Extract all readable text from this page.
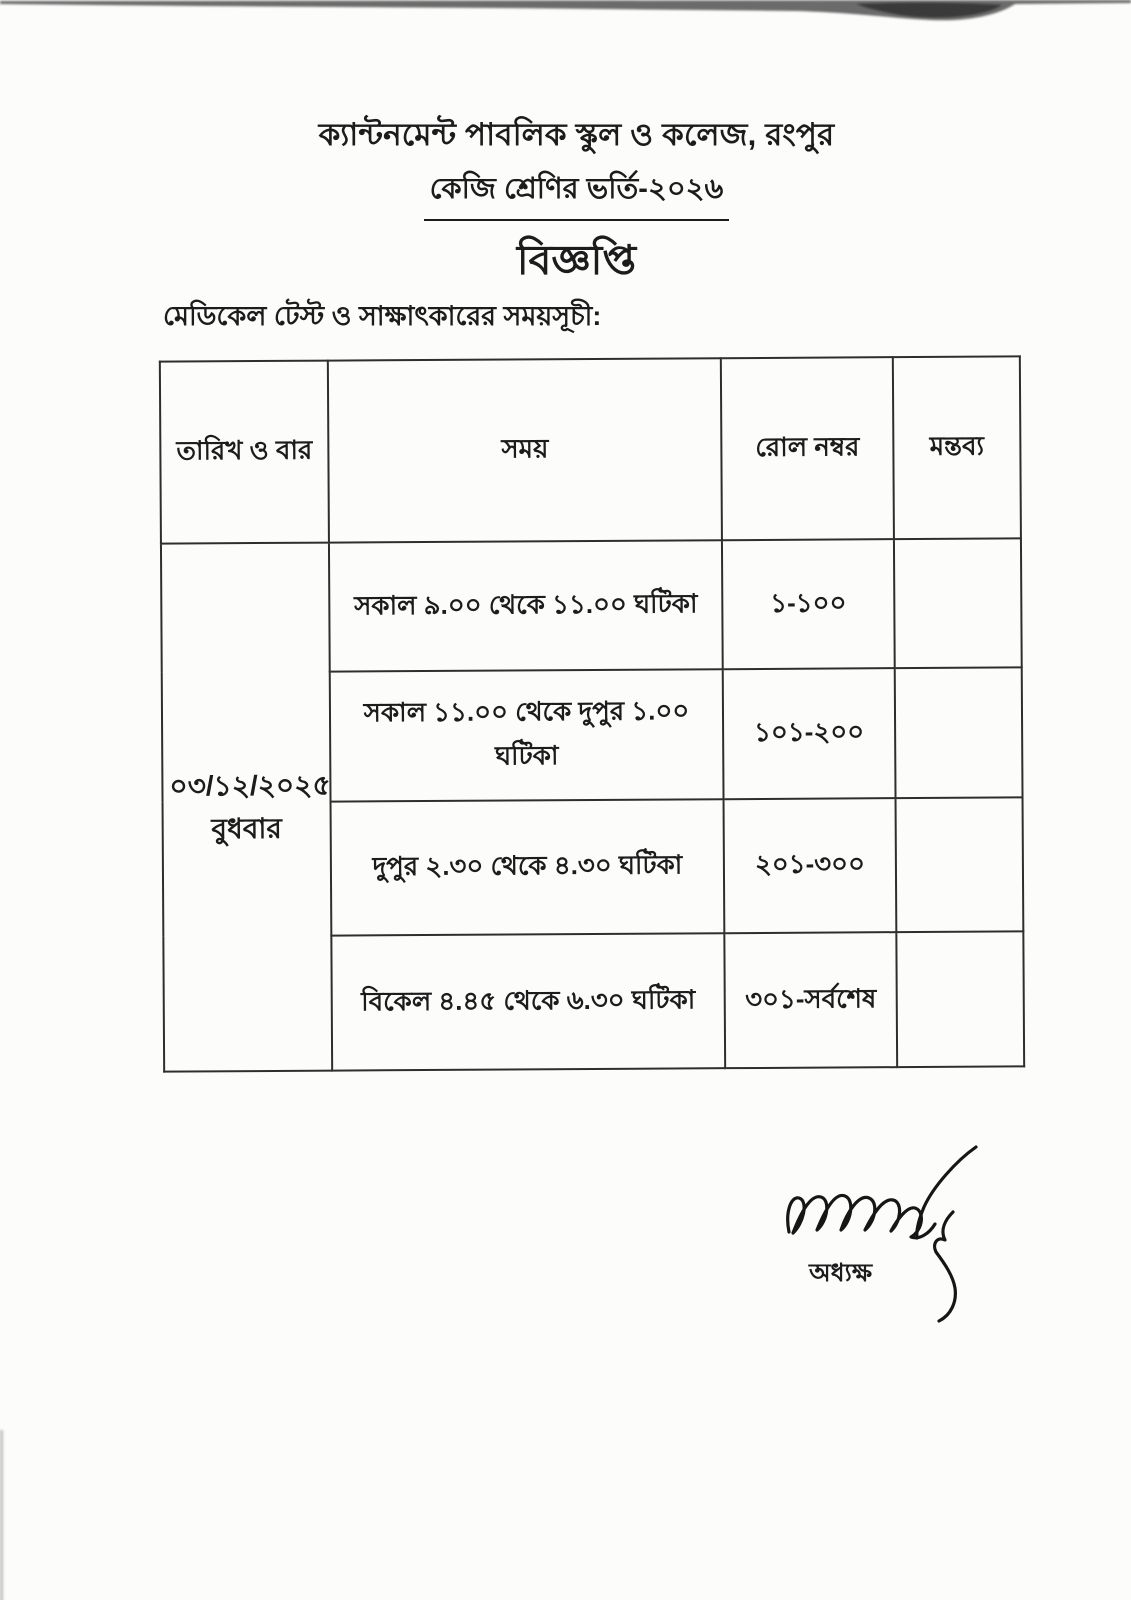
ক্যান্টনমেন্ট পাবলিক স্কুল ও কলেজ, রংপুর
কেজি শ্রেণির ভর্তি-২০২৬
বিজ্ঞপ্তি
মেডিকেল টেস্ট ও সাক্ষাৎকারের সময়সূচী:
তারিখ ও বার	সময়	রোল নম্বর	মন্তব্য

০৩/১২/২০২৫
বুধবার	সকাল ৯.০০ থেকে ১১.০০ ঘটিকা	১-১০০	
	সকাল ১১.০০ থেকে দুপুর ১.০০ ঘটিকা	১০১-২০০	
	দুপুর ২.৩০ থেকে ৪.৩০ ঘটিকা	২০১-৩০০	
	বিকেল ৪.৪৫ থেকে ৬.৩০ ঘটিকা	৩০১-সর্বশেষ	
অধ্যক্ষ
